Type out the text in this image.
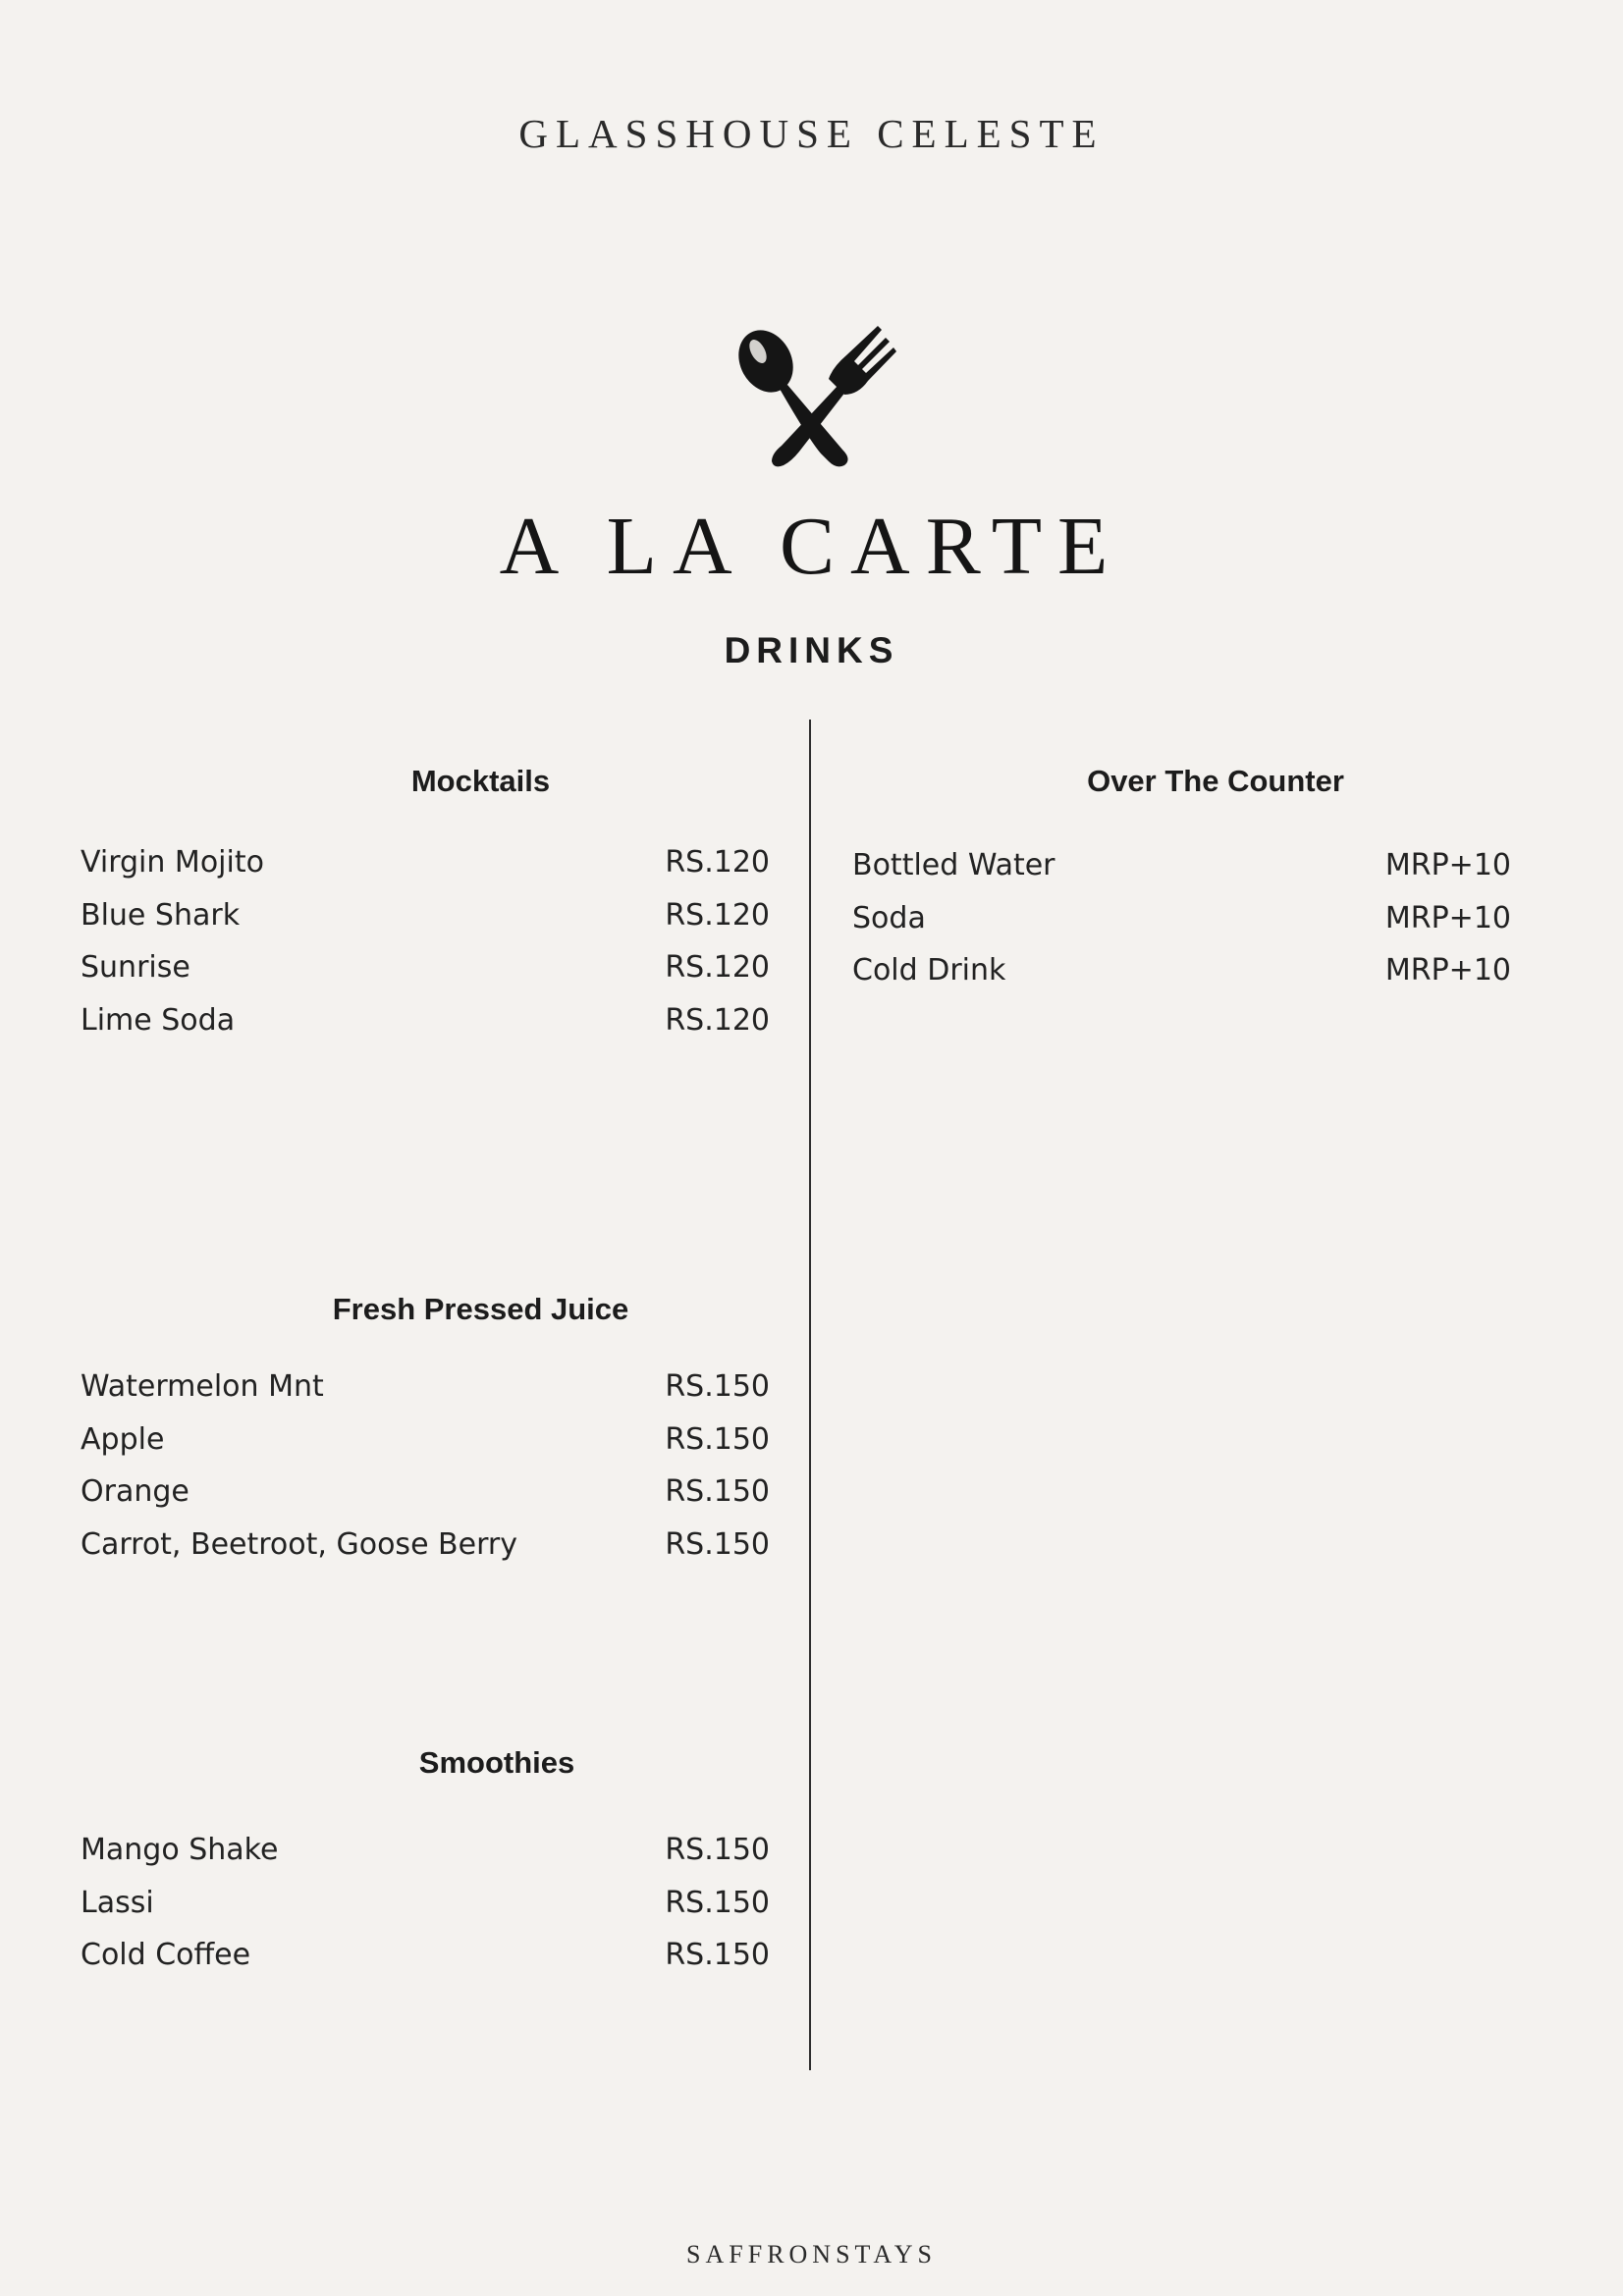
GLASSHOUSE CELESTE
A LA CARTE
DRINKS
Mocktails
Virgin Mojito	RS.120
Blue Shark	RS.120
Sunrise	RS.120
Lime Soda	RS.120
Fresh Pressed Juice
Watermelon Mnt	RS.150
Apple	RS.150
Orange	RS.150
Carrot, Beetroot, Goose Berry	RS.150
Smoothies
Mango Shake	RS.150
Lassi	RS.150
Cold Coffee	RS.150
Over The Counter
Bottled Water	MRP+10
Soda	MRP+10
Cold Drink	MRP+10
SAFFRONSTAYS
